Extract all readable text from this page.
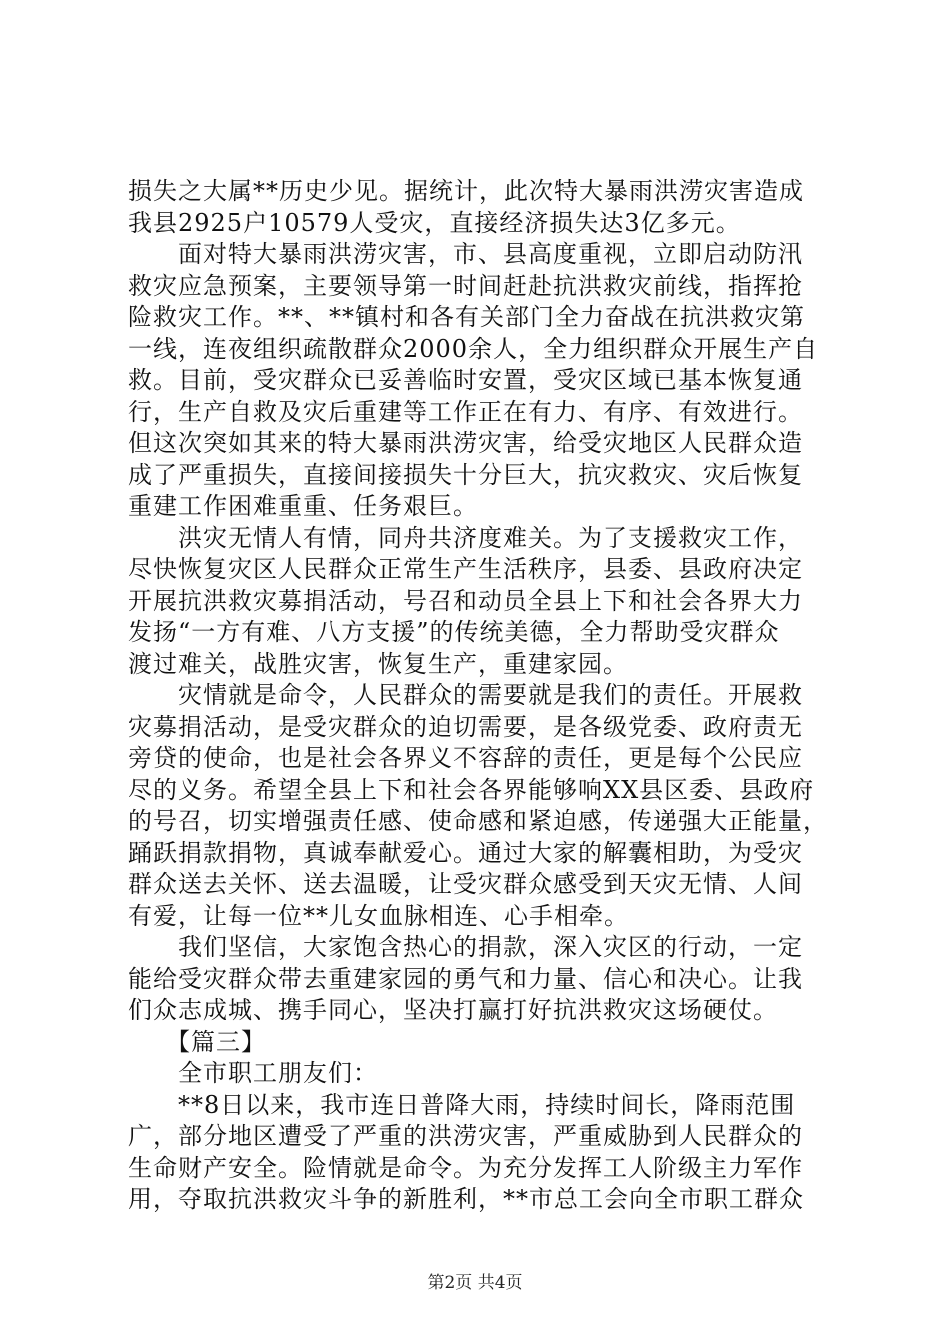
损失之大属**历史少见。据统计，此次特大暴雨洪涝灾害造成
我县2925户10579人受灾，直接经济损失达3亿多元。
　　面对特大暴雨洪涝灾害，市、县高度重视，立即启动防汛
救灾应急预案，主要领导第一时间赶赴抗洪救灾前线，指挥抢
险救灾工作。**、**镇村和各有关部门全力奋战在抗洪救灾第
一线，连夜组织疏散群众2000余人，全力组织群众开展生产自
救。目前，受灾群众已妥善临时安置，受灾区域已基本恢复通
行，生产自救及灾后重建等工作正在有力、有序、有效进行。
但这次突如其来的特大暴雨洪涝灾害，给受灾地区人民群众造
成了严重损失，直接间接损失十分巨大，抗灾救灾、灾后恢复
重建工作困难重重、任务艰巨。
　　洪灾无情人有情，同舟共济度难关。为了支援救灾工作，
尽快恢复灾区人民群众正常生产生活秩序，县委、县政府决定
开展抗洪救灾募捐活动，号召和动员全县上下和社会各界大力
发扬“一方有难、八方支援”的传统美德，全力帮助受灾群众
渡过难关，战胜灾害，恢复生产，重建家园。
　　灾情就是命令，人民群众的需要就是我们的责任。开展救
灾募捐活动，是受灾群众的迫切需要，是各级党委、政府责无
旁贷的使命，也是社会各界义不容辞的责任，更是每个公民应
尽的义务。希望全县上下和社会各界能够响XX县区委、县政府
的号召，切实增强责任感、使命感和紧迫感，传递强大正能量，
踊跃捐款捐物，真诚奉献爱心。通过大家的解囊相助，为受灾
群众送去关怀、送去温暖，让受灾群众感受到天灾无情、人间
有爱，让每一位**儿女血脉相连、心手相牵。
　　我们坚信，大家饱含热心的捐款，深入灾区的行动，一定
能给受灾群众带去重建家园的勇气和力量、信心和决心。让我
们众志成城、携手同心，坚决打赢打好抗洪救灾这场硬仗。
　　【篇三】
　　全市职工朋友们：
　　**8日以来，我市连日普降大雨，持续时间长，降雨范围
广，部分地区遭受了严重的洪涝灾害，严重威胁到人民群众的
生命财产安全。险情就是命令。为充分发挥工人阶级主力军作
用，夺取抗洪救灾斗争的新胜利，**市总工会向全市职工群众
第2页 共4页
